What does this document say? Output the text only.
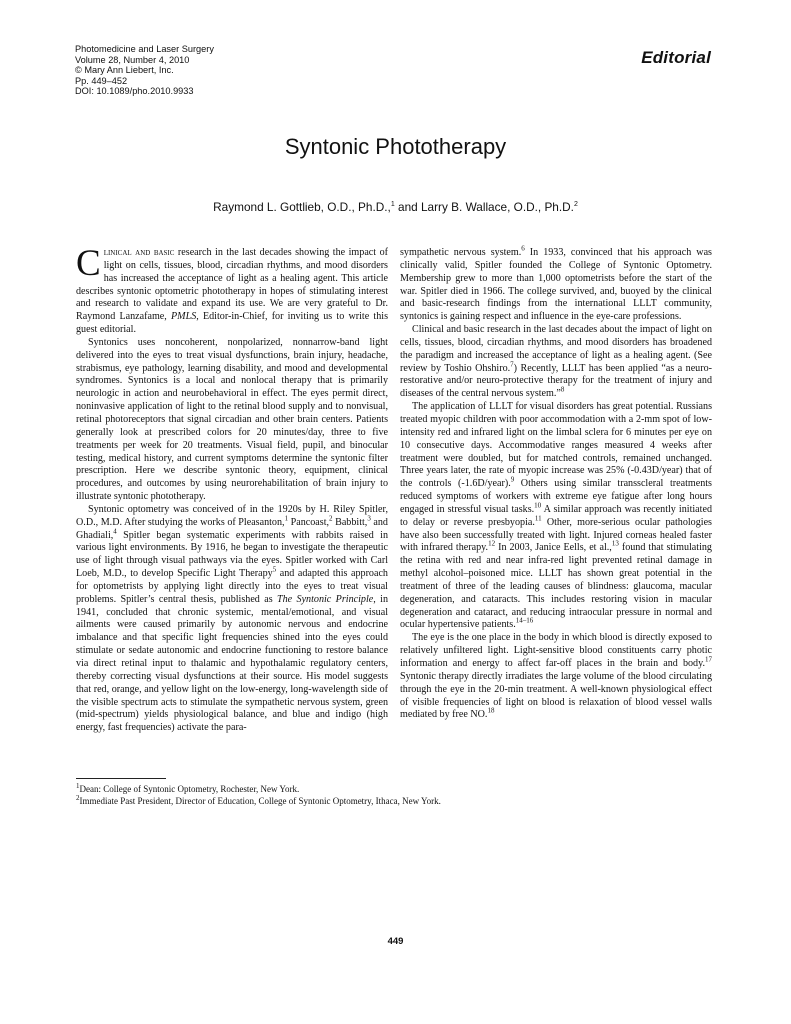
Photomedicine and Laser Surgery
Volume 28, Number 4, 2010
© Mary Ann Liebert, Inc.
Pp. 449–452
DOI: 10.1089/pho.2010.9933
Editorial
Syntonic Phototherapy
Raymond L. Gottlieb, O.D., Ph.D.,$^1$ and Larry B. Wallace, O.D., Ph.D.$^2$

Clinical and basic research in the last decades showing the impact of light on cells, tissues, blood, circadian rhythms, and mood disorders has increased the acceptance of light as a healing agent. This article describes syntonic optometric phototherapy in hopes of stimulating interest and research to validate and expand its use. We are very grateful to Dr. Raymond Lanzafame, PMLS, Editor-in-Chief, for inviting us to write this guest editorial.

Syntonics uses noncoherent, nonpolarized, nonnarrow-band light delivered into the eyes to treat visual dysfunctions, brain injury, headache, strabismus, eye pathology, learning disability, and mood and developmental syndromes. Syntonics is a local and nonlocal therapy that is primarily neurologic in action and neurobehavioral in effect. The eyes permit direct, noninvasive application of light to the retinal blood supply and to nonvisual, retinal photoreceptors that signal circadian and other brain centers. Patients generally look at prescribed colors for 20 minutes/day, three to five treatments per week for 20 treatments. Visual field, pupil, and binocular testing, medical history, and current symptoms determine the syntonic filter prescription. Here we describe syntonic theory, equipment, clinical procedures, and outcomes by using neurorehabilitation of brain injury to illustrate syntonic phototherapy.

Syntonic optometry was conceived of in the 1920s by H. Riley Spitler, O.D., M.D. After studying the works of Pleasanton,$^1$ Pancoast,$^2$ Babbitt,$^3$ and Ghadiali,$^4$ Spitler began systematic experiments with rabbits raised in various light environments. By 1916, he began to investigate the therapeutic use of light through visual pathways via the eyes. Spitler worked with Carl Loeb, M.D., to develop Specific Light Therapy$^5$ and adapted this approach for optometrists by applying light directly into the eyes to treat visual problems. Spitler’s central thesis, published as The Syntonic Principle, in 1941, concluded that chronic systemic, mental/emotional, and visual ailments were caused primarily by autonomic nervous and endocrine imbalance and that specific light frequencies shined into the eyes could stimulate or sedate autonomic and endocrine functioning to restore balance via direct retinal input to thalamic and hypothalamic regulatory centers, thereby correcting visual dysfunctions at their source. His model suggests that red, orange, and yellow light on the low-energy, long-wavelength side of the visible spectrum acts to stimulate the sympathetic nervous system, green (mid-spectrum) yields physiological balance, and blue and indigo (high energy, fast frequencies) activate the para-

sympathetic nervous system.$^6$ In 1933, convinced that his approach was clinically valid, Spitler founded the College of Syntonic Optometry. Membership grew to more than 1,000 optometrists before the start of the war. Spitler died in 1966. The college survived, and, buoyed by the clinical and basic-research findings from the international LLLT community, syntonics is gaining respect and influence in the eye-care professions.

Clinical and basic research in the last decades about the impact of light on cells, tissues, blood, circadian rhythms, and mood disorders has broadened the paradigm and increased the acceptance of light as a healing agent. (See review by Toshio Ohshiro.$^7$) Recently, LLLT has been applied “as a neuro-restorative and/or neuro-protective therapy for the treatment of injury and diseases of the central nervous system.”$^8$

The application of LLLT for visual disorders has great potential. Russians treated myopic children with poor accommodation with a 2-mm spot of low-intensity red and infrared light on the limbal sclera for 6 minutes per eye on 10 consecutive days. Accommodative ranges measured 4 weeks after treatment were doubled, but for matched controls, remained unchanged. Three years later, the rate of myopic increase was 25% (-0.43D/year) that of the controls (-1.6D/year).$^9$ Others using similar transscleral treatments reduced symptoms of workers with extreme eye fatigue after long hours engaged in stressful visual tasks.$^{10}$ A similar approach was recently initiated to delay or reverse presbyopia.$^{11}$ Other, more-serious ocular pathologies have also been successfully treated with light. Injured corneas healed faster with infrared therapy.$^{12}$ In 2003, Janice Eells, et al.,$^{13}$ found that stimulating the retina with red and near infra-red light prevented retinal damage in methyl alcohol–poisoned mice. LLLT has shown great potential in the treatment of three of the leading causes of blindness: glaucoma, macular degeneration, and cataracts. This includes restoring vision in macular degeneration and cataract, and reducing intraocular pressure in normal and ocular hypertensive patients.$^{14-16}$

The eye is the one place in the body in which blood is directly exposed to relatively unfiltered light. Light-sensitive blood constituents carry photic information and energy to affect far-off places in the brain and body.$^{17}$ Syntonic therapy directly irradiates the large volume of the blood circulating through the eye in the 20-min treatment. A well-known physiological effect of visible frequencies of light on blood is relaxation of blood vessel walls mediated by free NO.$^{18}$

$^1$Dean: College of Syntonic Optometry, Rochester, New York.
$^2$Immediate Past President, Director of Education, College of Syntonic Optometry, Ithaca, New York.
449
